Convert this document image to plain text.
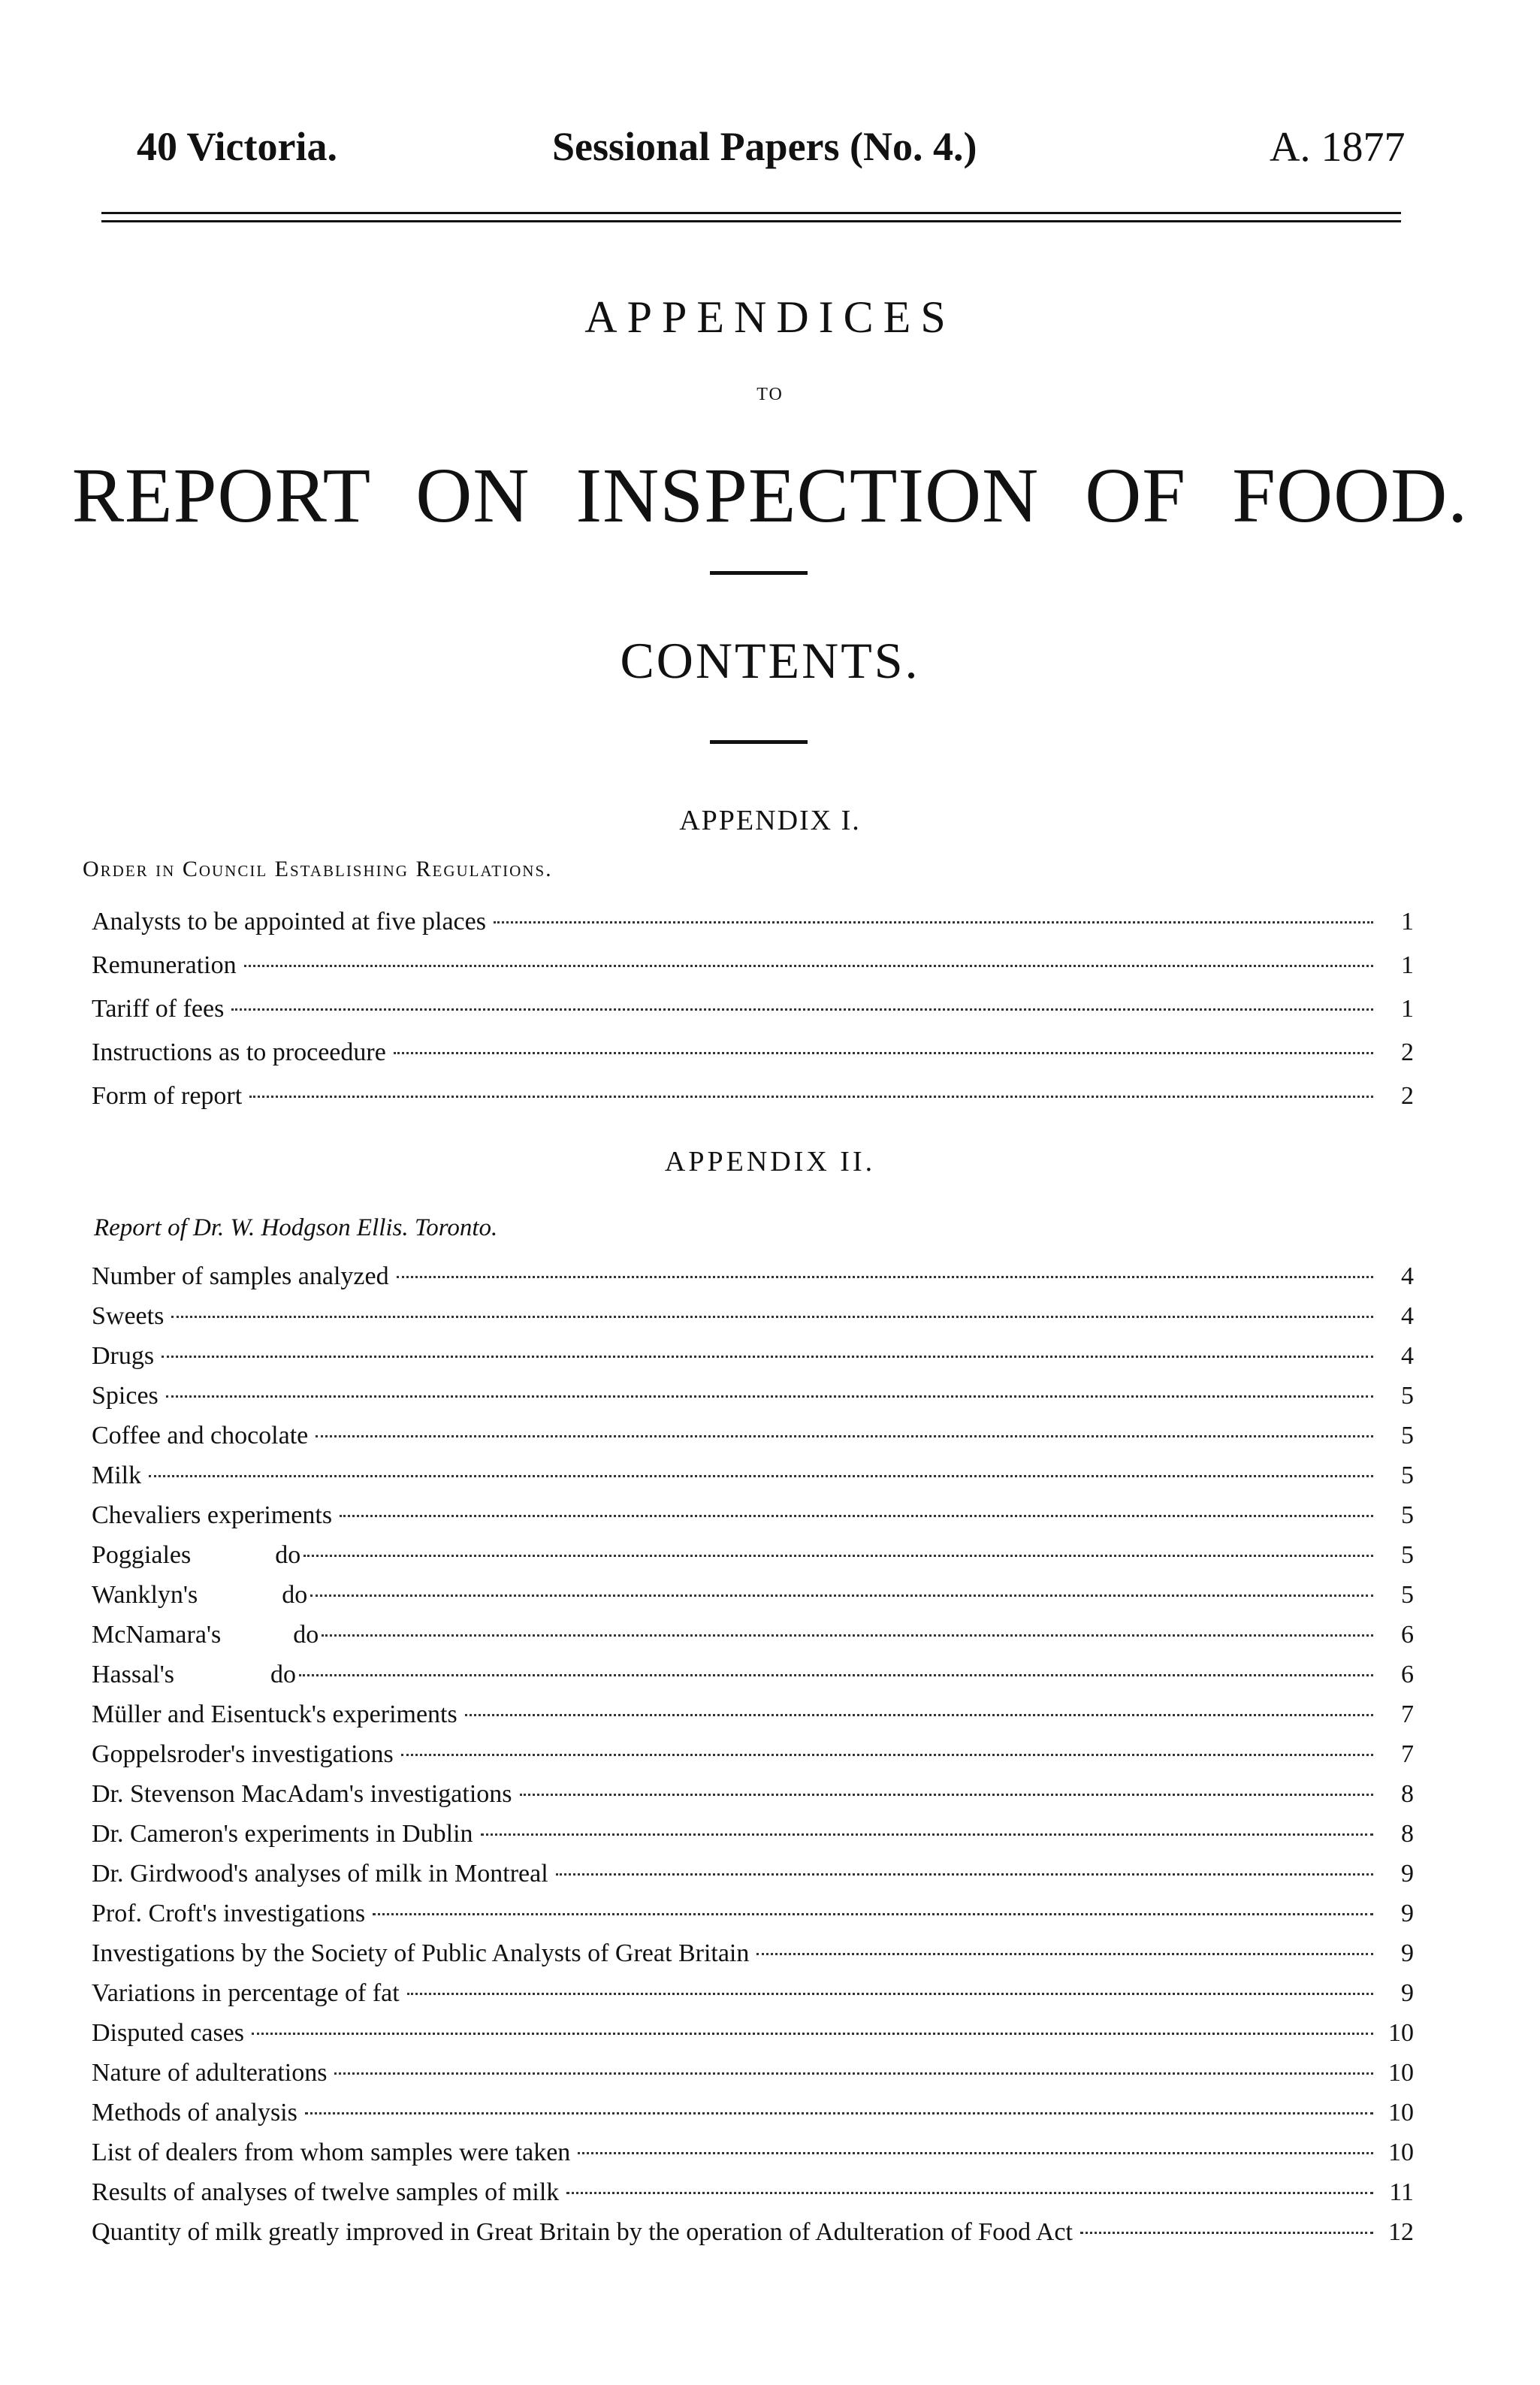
40 Victoria.	Sessional Papers (No. 4.)	A. 1877
APPENDICES
TO
REPORT ON INSPECTION OF FOOD.
CONTENTS.
APPENDIX I.
Order in Council Establishing Regulations.
Analysts to be appointed at five places	1
Remuneration	1
Tariff of fees	1
Instructions as to proceedure	2
Form of report	2
APPENDIX II.
Report of Dr. W. Hodgson Ellis. Toronto.
Number of samples analyzed	4
Sweets	4
Drugs	4
Spices	5
Coffee and chocolate	5
Milk	5
Chevaliers experiments	5
Poggiales	do	5
Wanklyn's	do	5
McNamara's	do	6
Hassal's	do	6
Müller and Eisentuck's experiments	7
Goppelsroder's investigations	7
Dr. Stevenson MacAdam's investigations	8
Dr. Cameron's experiments in Dublin	8
Dr. Girdwood's analyses of milk in Montreal	9
Prof. Croft's investigations	9
Investigations by the Society of Public Analysts of Great Britain	9
Variations in percentage of fat	9
Disputed cases	10
Nature of adulterations	10
Methods of analysis	10
List of dealers from whom samples were taken	10
Results of analyses of twelve samples of milk	11
Quantity of milk greatly improved in Great Britain by the operation of Adulteration of Food Act	12
